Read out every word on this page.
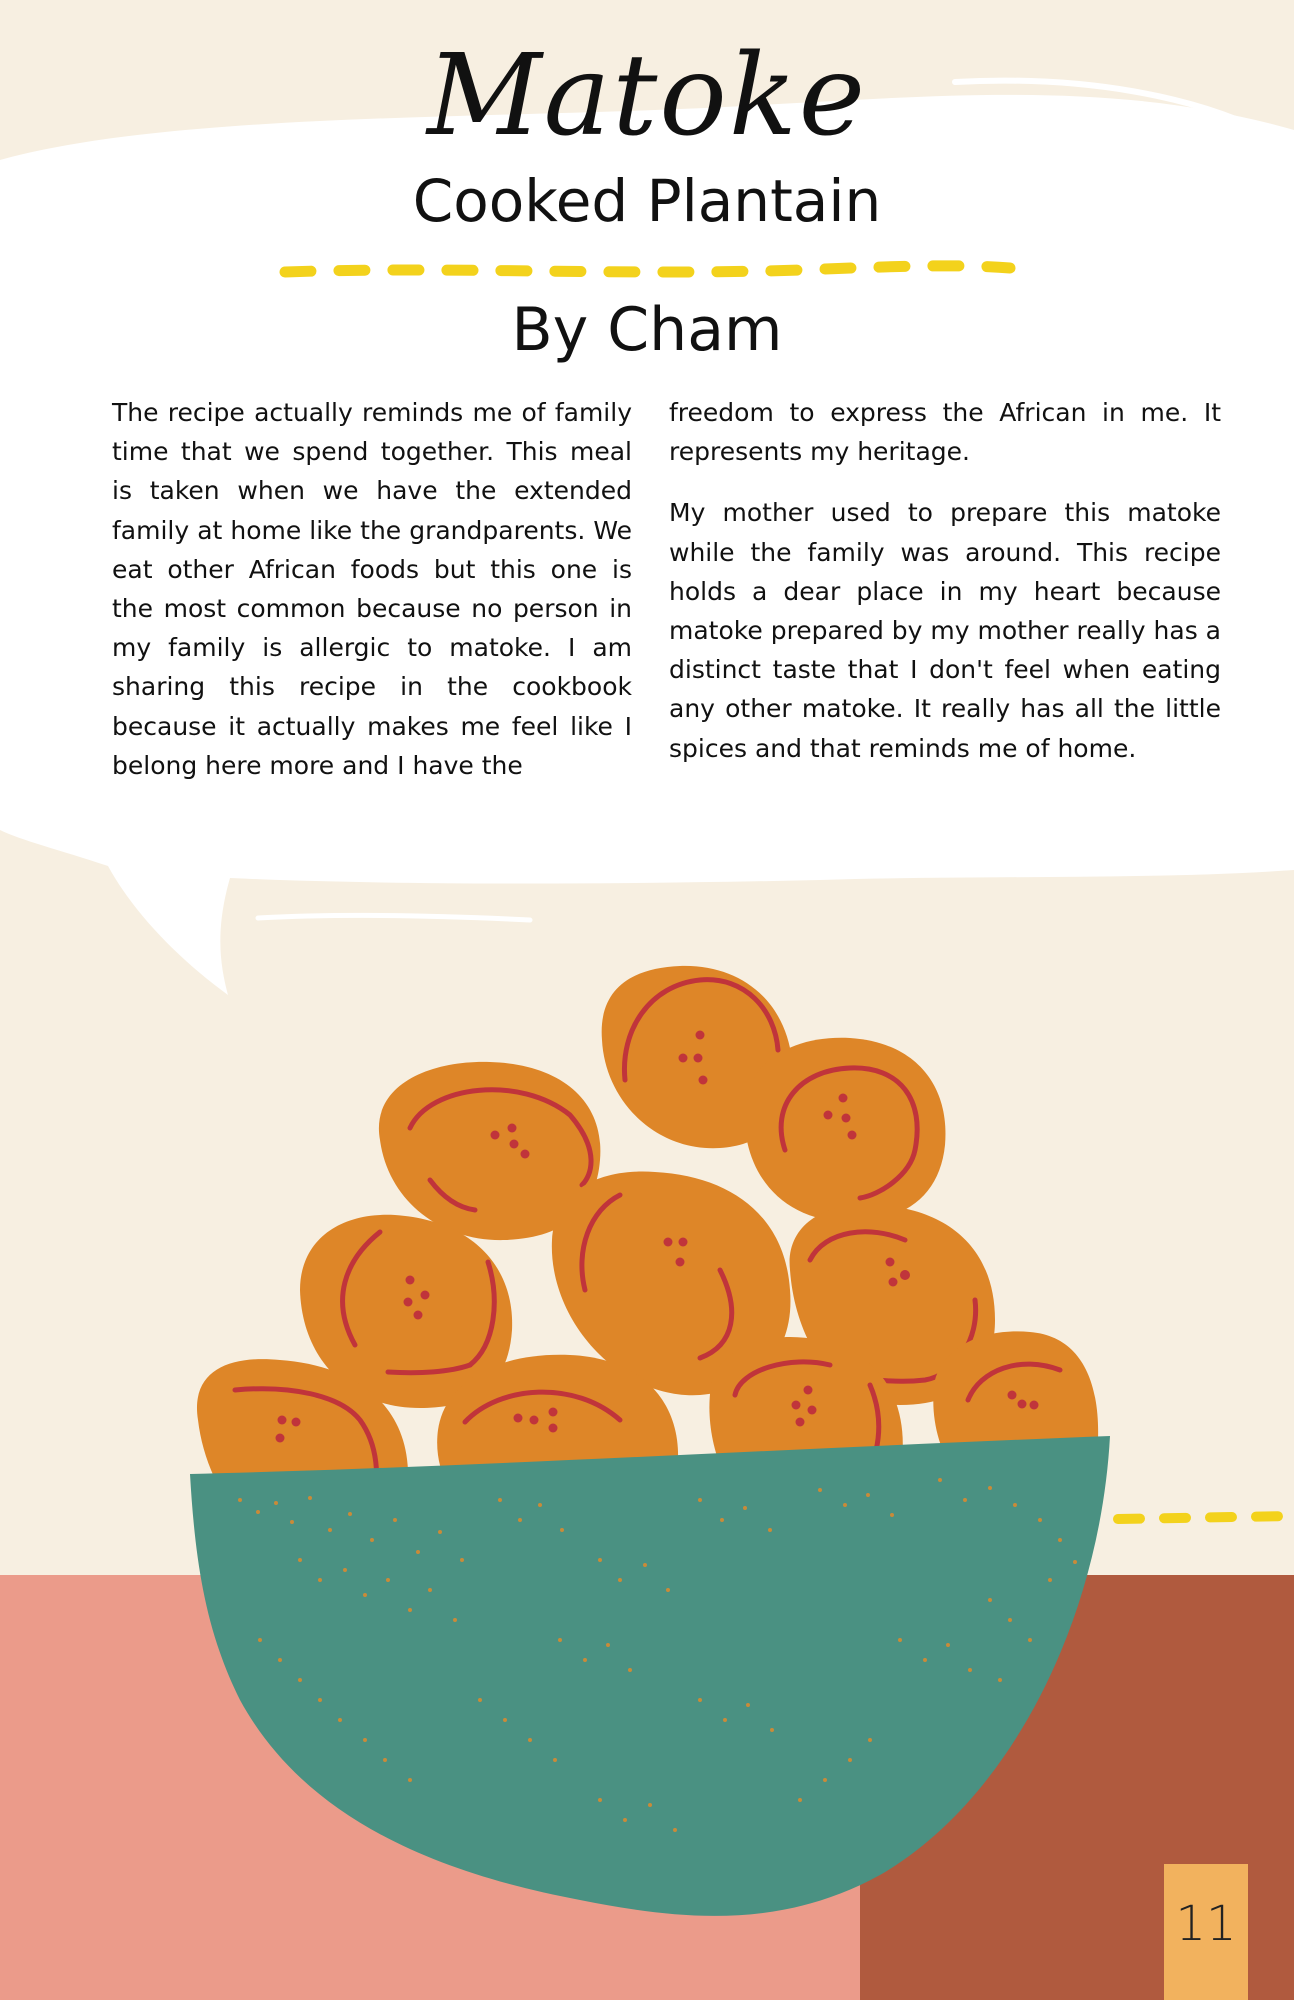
Matoke
Cooked Plantain
By Cham

The recipe actually reminds me of family time that we spend together. This meal is taken when we have the extended family at home like the grandparents. We eat other African foods but this one is the most common because no person in my family is allergic to matoke. I am sharing this recipe in the cookbook because it actually makes me feel like I belong here more and I have the

freedom to express the African in me. It represents my heritage.

My mother used to prepare this matoke while the family was around. This recipe holds a dear place in my heart because matoke prepared by my mother really has a distinct taste that I don't feel when eating any other matoke. It really has all the little spices and that reminds me of home.

11
